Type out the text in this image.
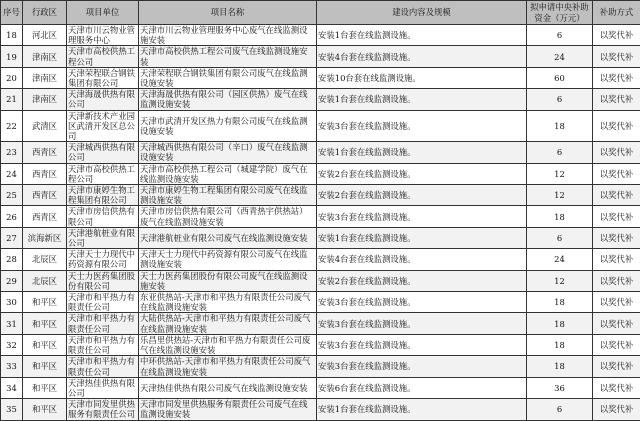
序号	行政区	项目单位	项目名称	建设内容及规模	拟申请中央补助资金（万元）	补助方式
18	河北区	天津市川云物业管理服务中心	天津市川云物业管理服务中心废气在线监测设施安装	安装1台套在线监测设施。	6	以奖代补
19	津南区	天津市高校供热工程公司	天津市高校供热工程公司废气在线监测设施安装	安装4台套在线监测设施。	24	以奖代补
20	津南区	天津荣程联合钢铁集团有限公司	天津荣程联合钢铁集团有限公司废气在线监测设施安装	安装10台套在线监测设施。	60	以奖代补
21	津南区	天津海晟供热有限公司	天津海晟供热有限公司（园区供热）废气在线监测设施安装	安装1台套在线监测设施。	6	以奖代补
22	武清区	天津新技术产业园区武清开发区总公司	天津市武清开发区热力有限公司废气在线监测设施安装	安装3台套在线监测设施。	18	以奖代补
23	西青区	天津城西供热有限公司	天津城西供热有限公司（辛口）废气在线监测设施安装	安装1台套在线监测设施。	6	以奖代补
24	西青区	天津市高校供热工程公司	天津市高校供热工程公司（城建学院）废气在线监测设施安装	安装2台套在线监测设施。	12	以奖代补
25	西青区	天津市康婷生物工程集团有限公司	天津市康婷生物工程集团有限公司废气在线监测设施安装	安装2台套在线监测设施。	12	以奖代补
26	西青区	天津市房信供热有限公司	天津市房信供热有限公司（西青热宇供热站）废气在线监测设施安装	安装3台套在线监测设施。	18	以奖代补
27	滨海新区	天津港航桩业有限公司	天津港航桩业有限公司废气在线监测设施安装	安装1台套在线监测设施。	6	以奖代补
28	北辰区	天津天士力现代中药资源有限公司	天津天士力现代中药资源有限公司废气在线监测设施安装	安装4台套在线监测设施。	24	以奖代补
29	北辰区	天士力医药集团股份有限公司	天士力医药集团股份有限公司废气在线监测设施安装	安装2台套在线监测设施。	12	以奖代补
30	和平区	天津市和平热力有限责任公司	东亚供热站-天津市和平热力有限责任公司废气在线监测设施安装	安装3台套在线监测设施。	18	以奖代补
31	和平区	天津市和平热力有限责任公司	大陆供热站-天津市和平热力有限责任公司废气在线监测设施安装	安装3台套在线监测设施。	18	以奖代补
32	和平区	天津市和平热力有限责任公司	乐昌里供热站-天津市和平热力有限责任公司废气在线监测设施安装	安装3台套在线监测设施。	18	以奖代补
33	和平区	天津市和平热力有限责任公司	中环供热站-天津市和平热力有限责任公司废气在线监测设施安装	安装3台套在线监测设施。	18	以奖代补
34	和平区	天津热佳供热有限公司	天津热佳供热有限公司废气在线监测设施安装	安装6台套在线监测设施。	36	以奖代补
35	和平区	天津市同发里供热服务有限责任公司	天津市同发里供热服务有限责任公司废气在线监测设施安装	安装1台套在线监测设施。	6	以奖代补
